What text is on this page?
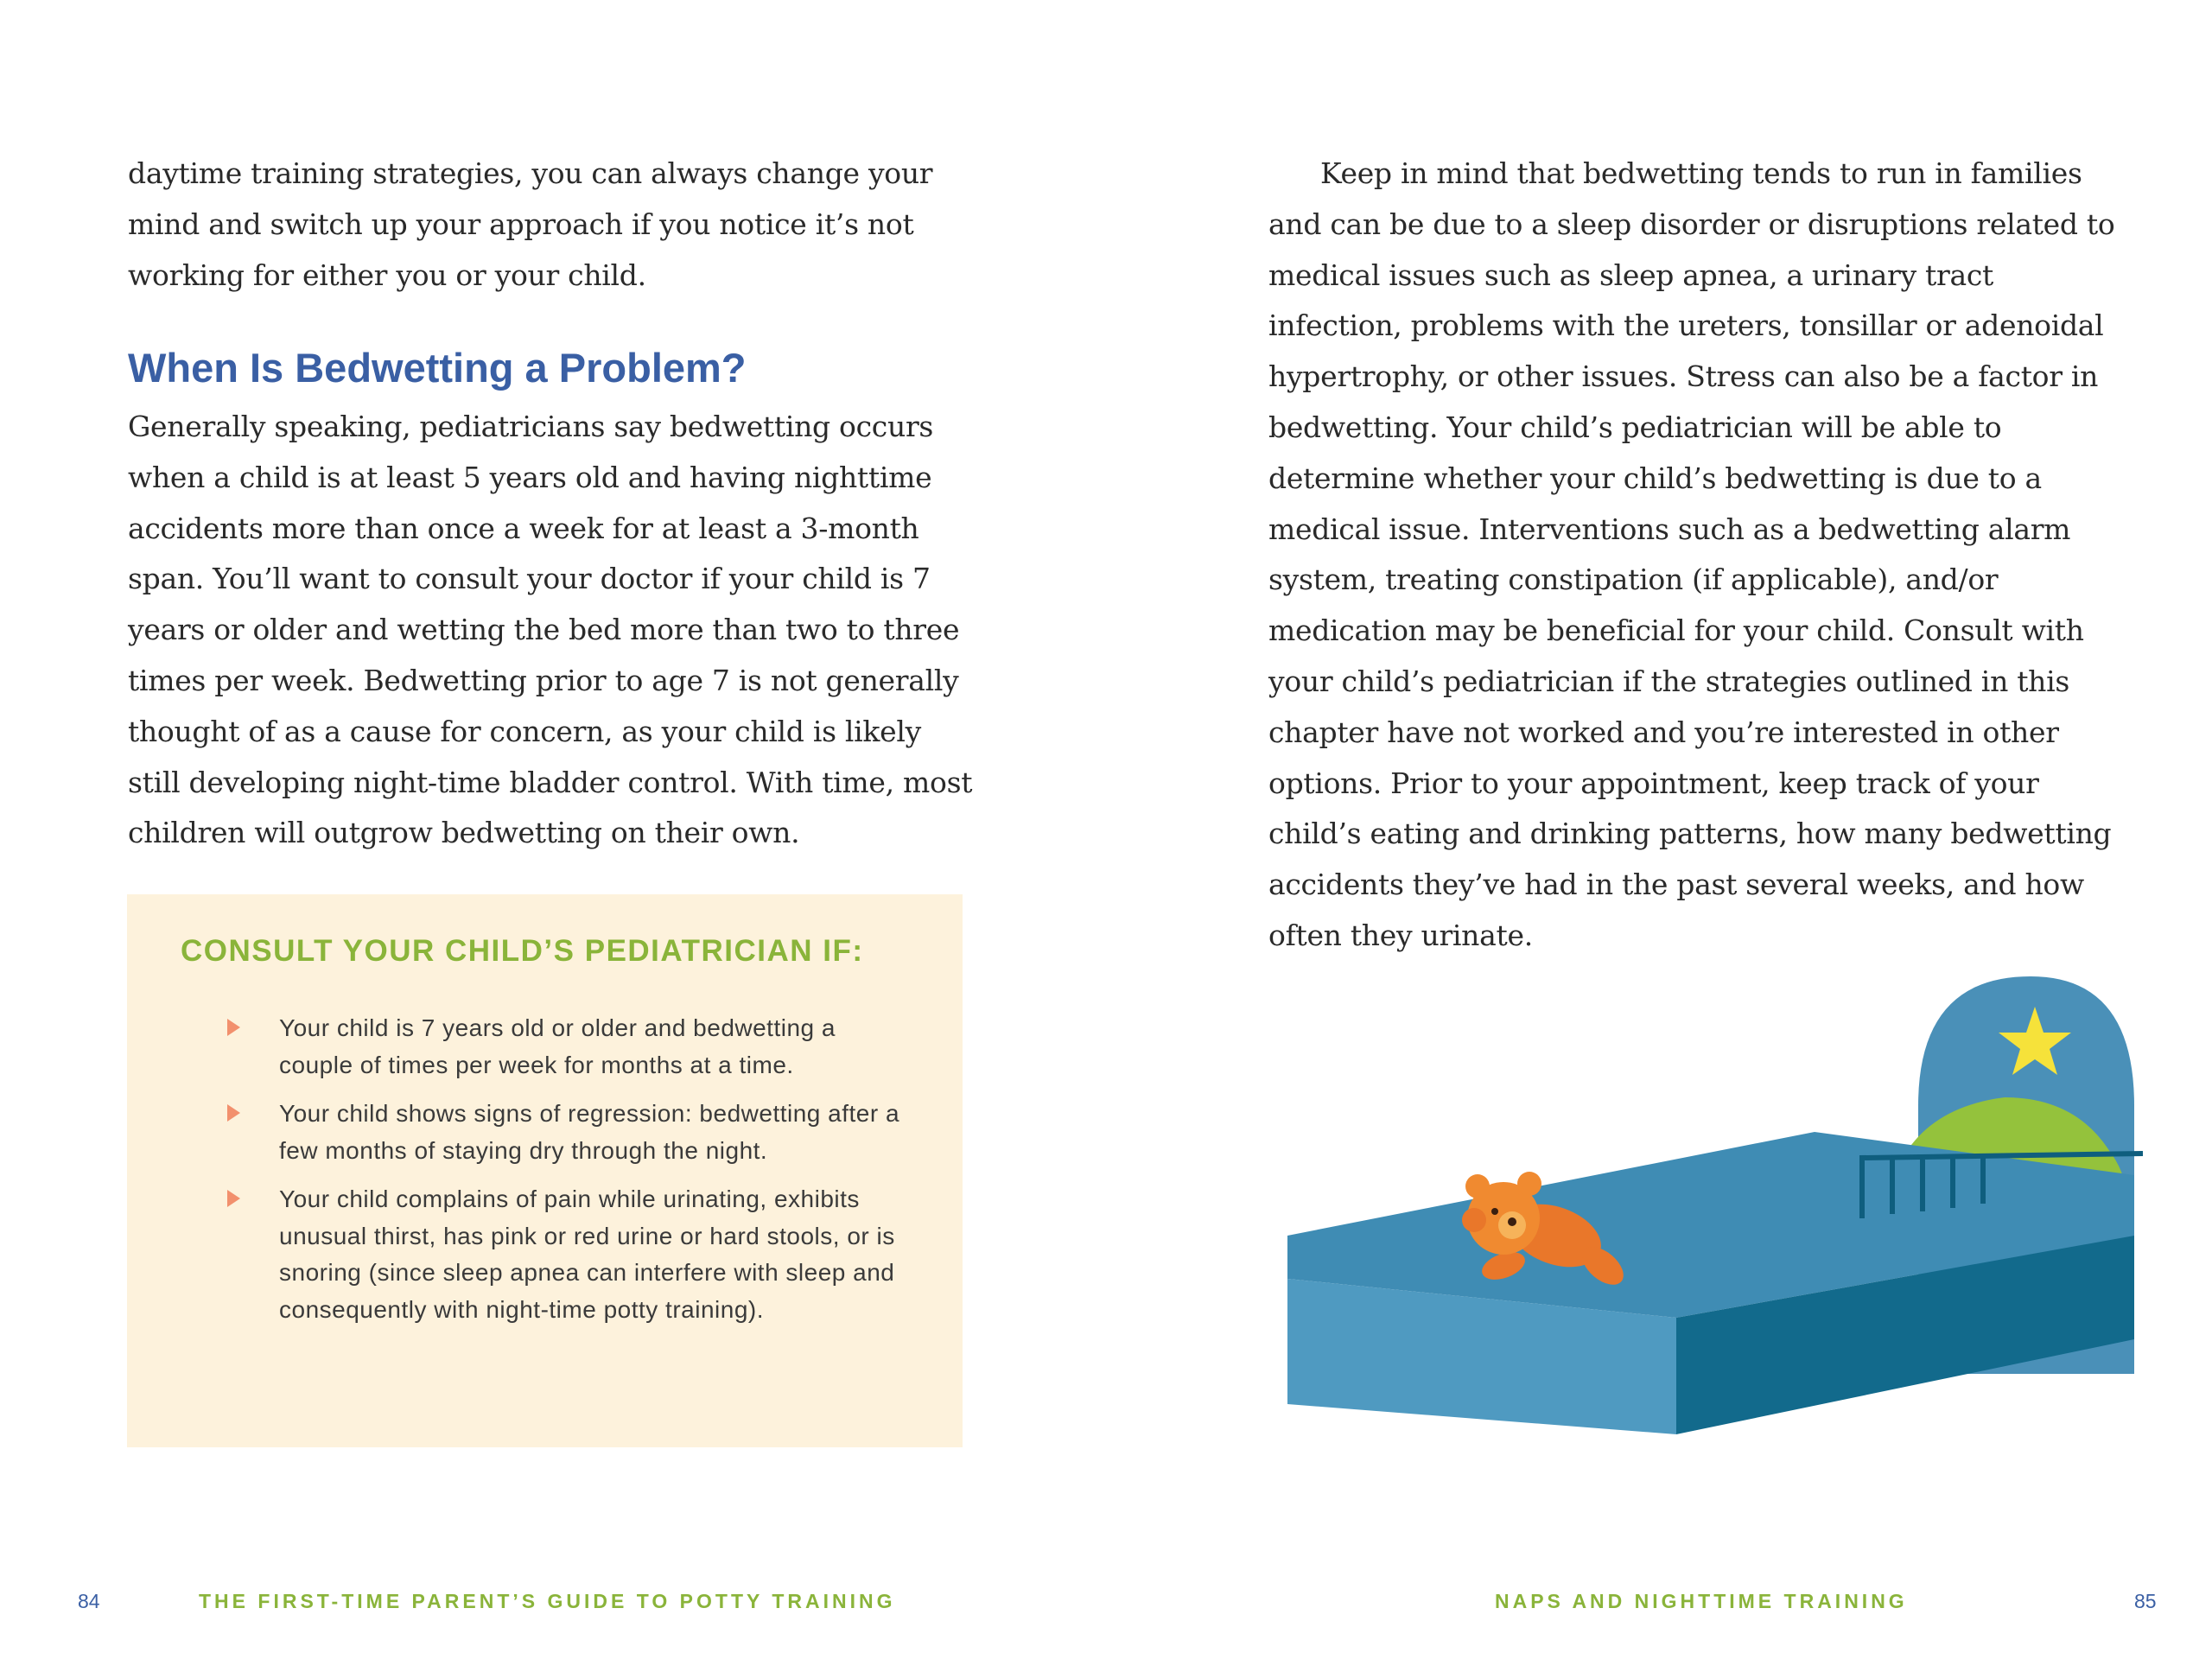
daytime training strategies, you can always change your mind and switch up your approach if you notice it’s not working for either you or your child.

When Is Bedwetting a Problem?

Generally speaking, pediatricians say bedwetting occurs when a child is at least 5 years old and having nighttime accidents more than once a week for at least a 3-month span. You’ll want to consult your doctor if your child is 7 years or older and wetting the bed more than two to three times per week. Bedwetting prior to age 7 is not generally thought of as a cause for concern, as your child is likely still developing night-time bladder control. With time, most children will outgrow bedwetting on their own.

CONSULT YOUR CHILD’S PEDIATRICIAN IF:
Your child is 7 years old or older and bedwetting a couple of times per week for months at a time.
Your child shows signs of regression: bedwetting after a few months of staying dry through the night.
Your child complains of pain while urinating, exhibits unusual thirst, has pink or red urine or hard stools, or is snoring (since sleep apnea can interfere with sleep and consequently with night-time potty training).
84	THE FIRST-TIME PARENT’S GUIDE TO POTTY TRAINING

Keep in mind that bedwetting tends to run in families and can be due to a sleep disorder or disruptions related to medical issues such as sleep apnea, a urinary tract infection, problems with the ureters, tonsillar or adenoidal hypertrophy, or other issues. Stress can also be a factor in bedwetting. Your child’s pediatrician will be able to determine whether your child’s bedwetting is due to a medical issue. Interventions such as a bedwetting alarm system, treating constipation (if applicable), and/or medication may be beneficial for your child. Consult with your child’s pediatrician if the strategies outlined in this chapter have not worked and you’re interested in other options. Prior to your appointment, keep track of your child’s eating and drinking patterns, how many bedwetting accidents they’ve had in the past several weeks, and how often they urinate.

NAPS AND NIGHTTIME TRAINING	85
